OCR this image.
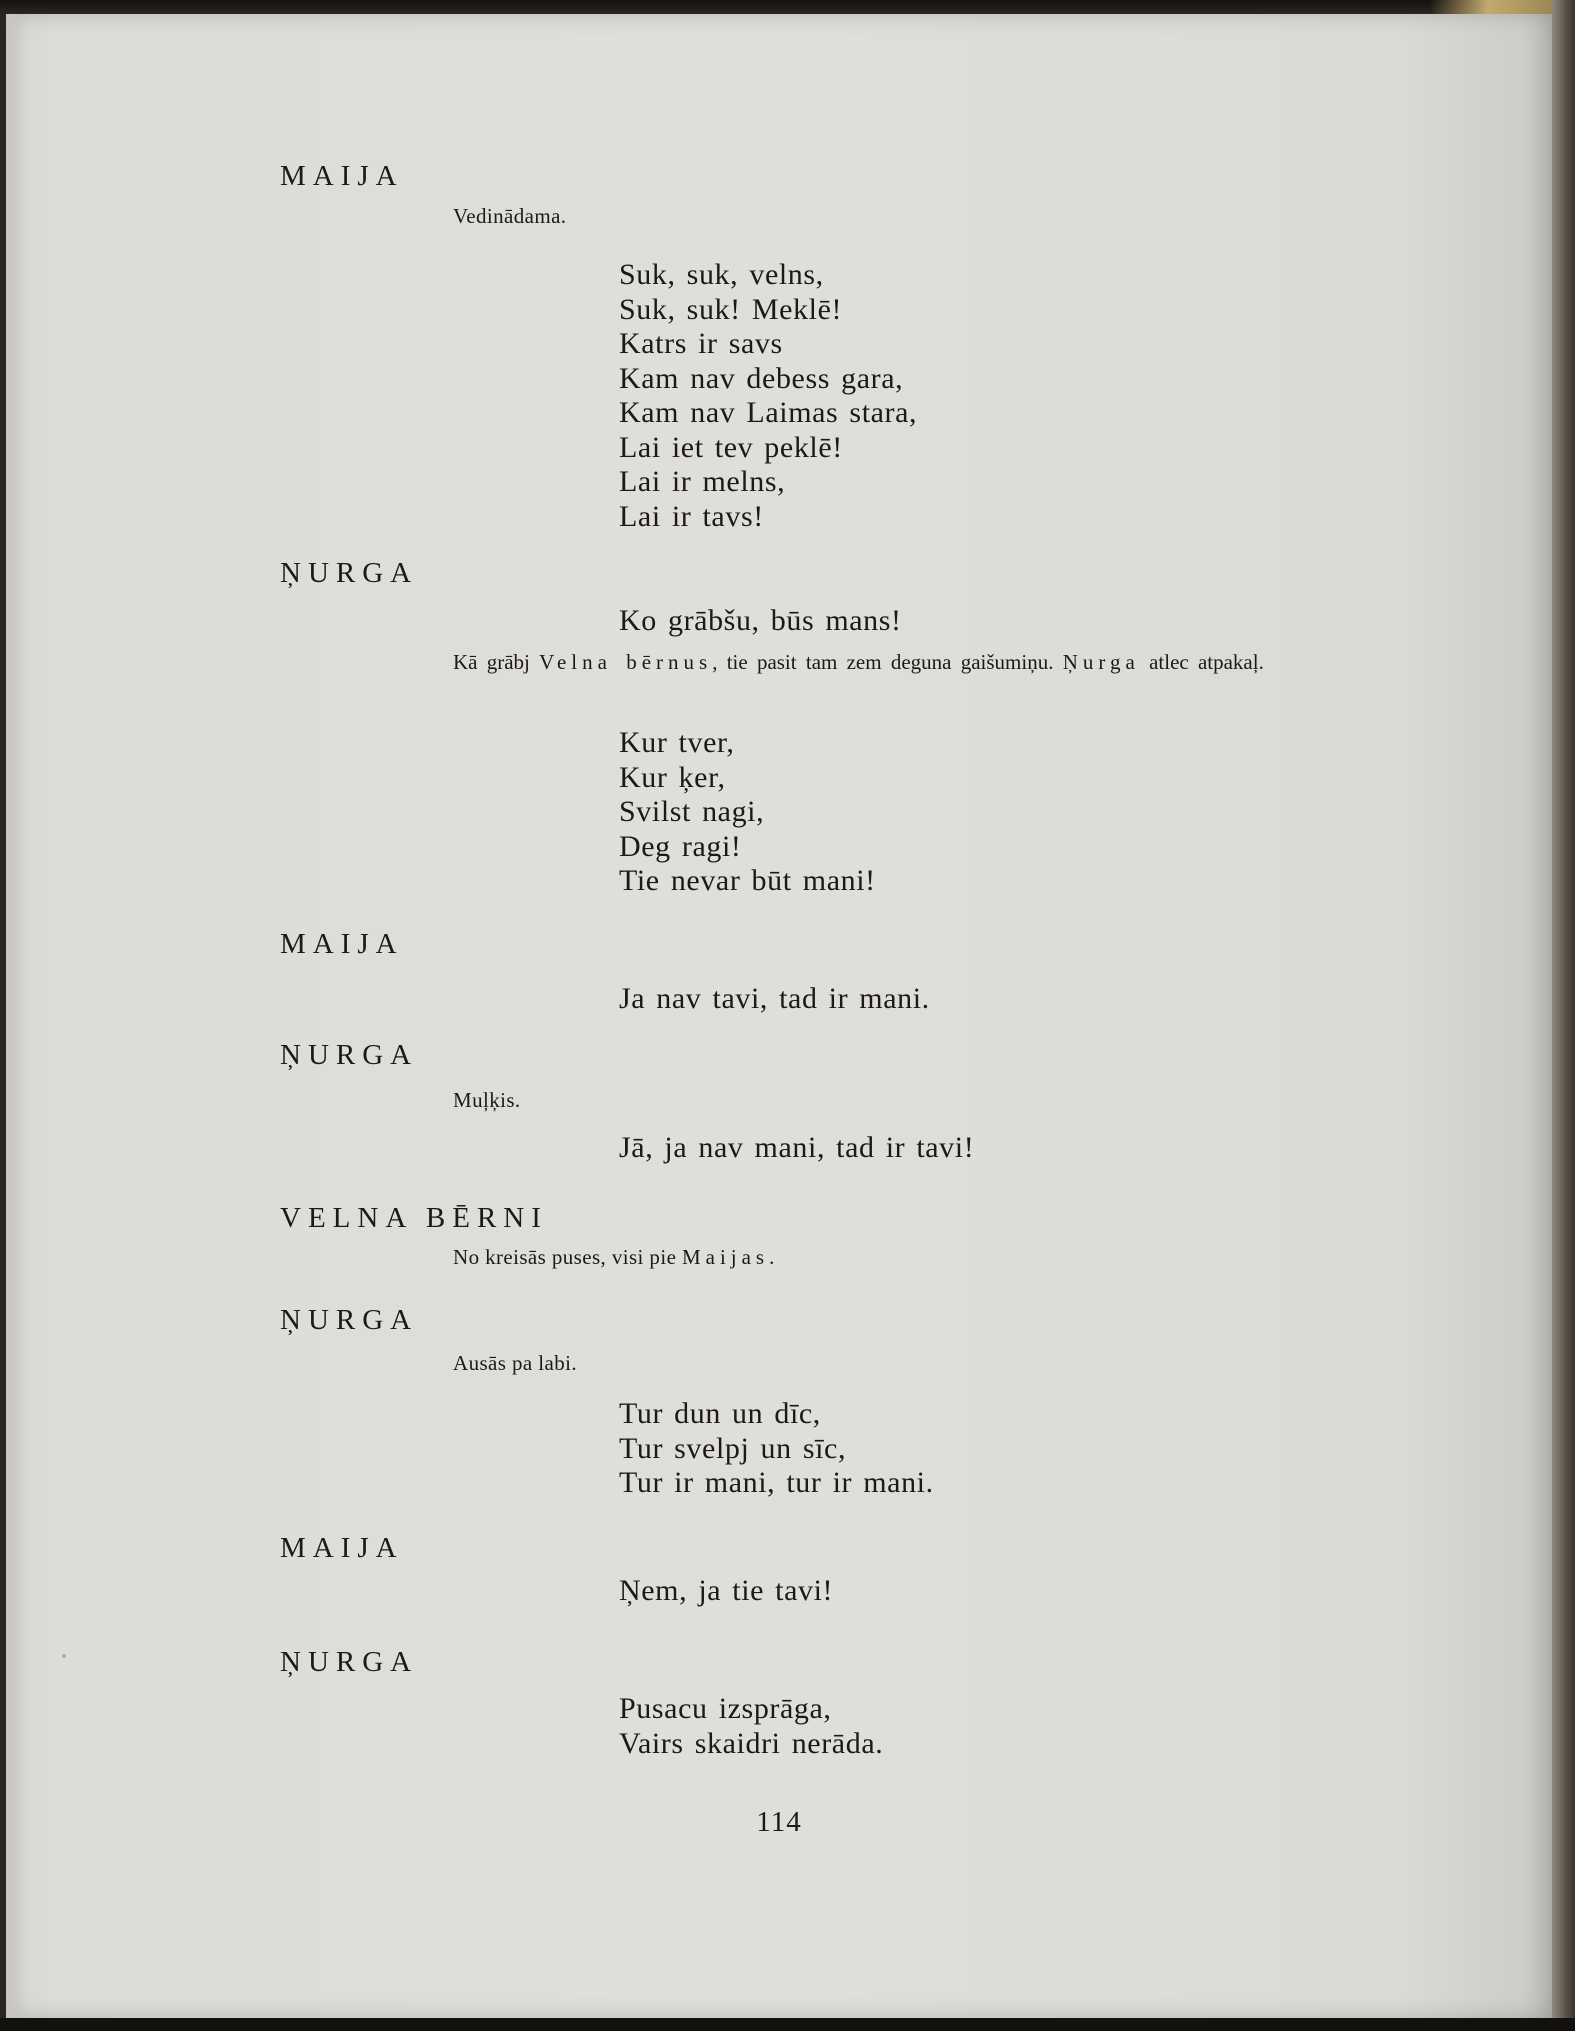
MAIJA
Vedinādama.
Suk, suk, velns,
Suk, suk! Meklē!
Katrs ir savs
Kam nav debess gara,
Kam nav Laimas stara,
Lai iet tev peklē!
Lai ir melns,
Lai ir tavs!
ŅURGA
Ko grābšu, būs mans!
Kā grābj Velna bērnus, tie pasit tam zem deguna gaišumiņu. Ņurga atlec atpakaļ.
Kur tver,
Kur ķer,
Svilst nagi,
Deg ragi!
Tie nevar būt mani!
MAIJA
Ja nav tavi, tad ir mani.
ŅURGA
Muļķis.
Jā, ja nav mani, tad ir tavi!
VELNA BĒRNI
No kreisās puses, visi pie Maijas.
ŅURGA
Ausās pa labi.
Tur dun un dīc,
Tur svelpj un sīc,
Tur ir mani, tur ir mani.
MAIJA
Ņem, ja tie tavi!
ŅURGA
Pusacu izsprāga,
Vairs skaidri nerāda.
114
